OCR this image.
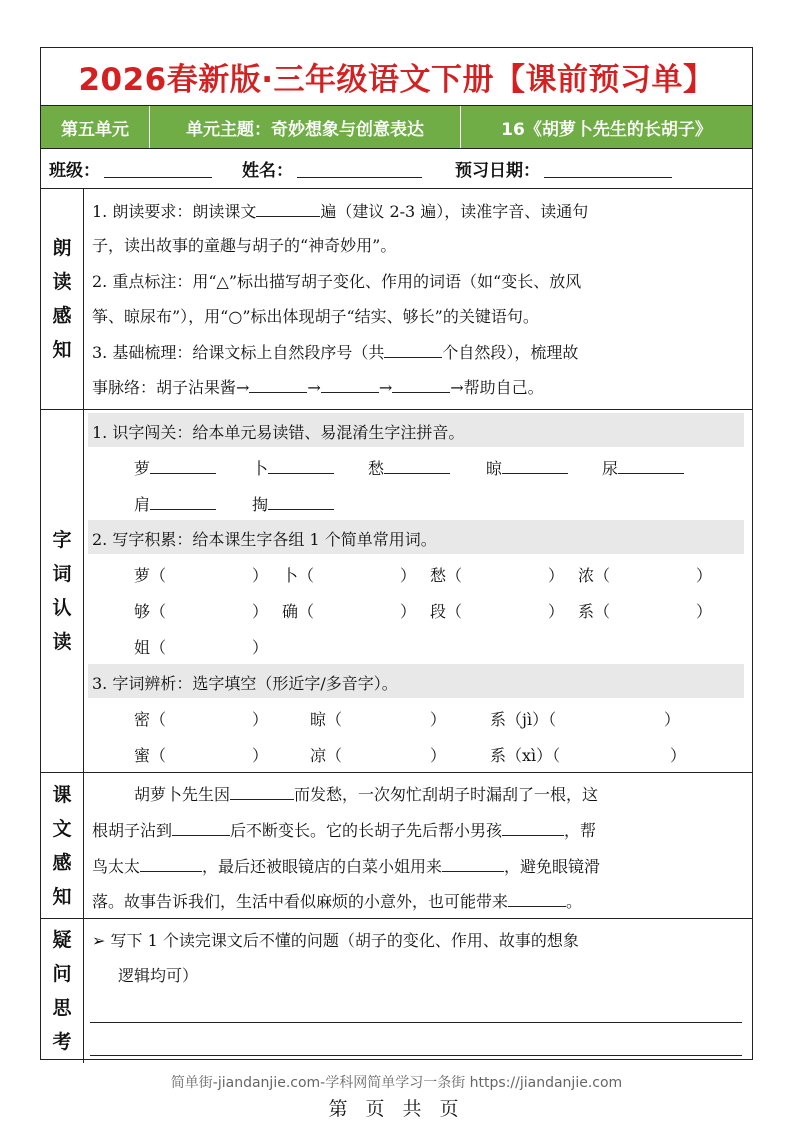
2026春新版·三年级语文下册【课前预习单】
第五单元	单元主题：奇妙想象与创意表达	16《胡萝卜先生的长胡子》
班级：	姓名：	预习日期：
朗
读
感
知
1. 朗读要求：朗读课文	遍（建议 2-3 遍），读准字音、读通句
子，读出故事的童趣与胡子的“神奇妙用”。
2. 重点标注：用“△”标出描写胡子变化、作用的词语（如“变长、放风
筝、晾尿布”），用“○”标出体现胡子“结实、够长”的关键语句。
3. 基础梳理：给课文标上自然段序号（共	个自然段），梳理故
事脉络：胡子沾果酱→	→	→	→帮助自己。
字
词
认
读
1. 识字闯关：给本单元易读错、易混淆生字注拼音。
萝	卜	愁	晾	尿
肩	掏
2. 写字积累：给本课生字各组 1 个简单常用词。
萝（	） 卜（	） 愁（	） 浓（	）
够（	） 确（	） 段（	） 系（	）
姐（	）
3. 字词辨析：选字填空（形近字/多音字）。
密（	）	晾（	）	系（jì）（	）
蜜（	）	凉（	）	系（xì）（	）
课
文
感
知
胡萝卜先生因	而发愁，一次匆忙刮胡子时漏刮了一根，这
根胡子沾到	后不断变长。它的长胡子先后帮小男孩	，帮
鸟太太	，最后还被眼镜店的白菜小姐用来	，避免眼镜滑
落。故事告诉我们，生活中看似麻烦的小意外，也可能带来	。
疑
问
思
考
➢ 写下 1 个读完课文后不懂的问题（胡子的变化、作用、故事的想象
逻辑均可）
简单街-jiandanjie.com-学科网简单学习一条街 https://jiandanjie.com
第 页 共 页
